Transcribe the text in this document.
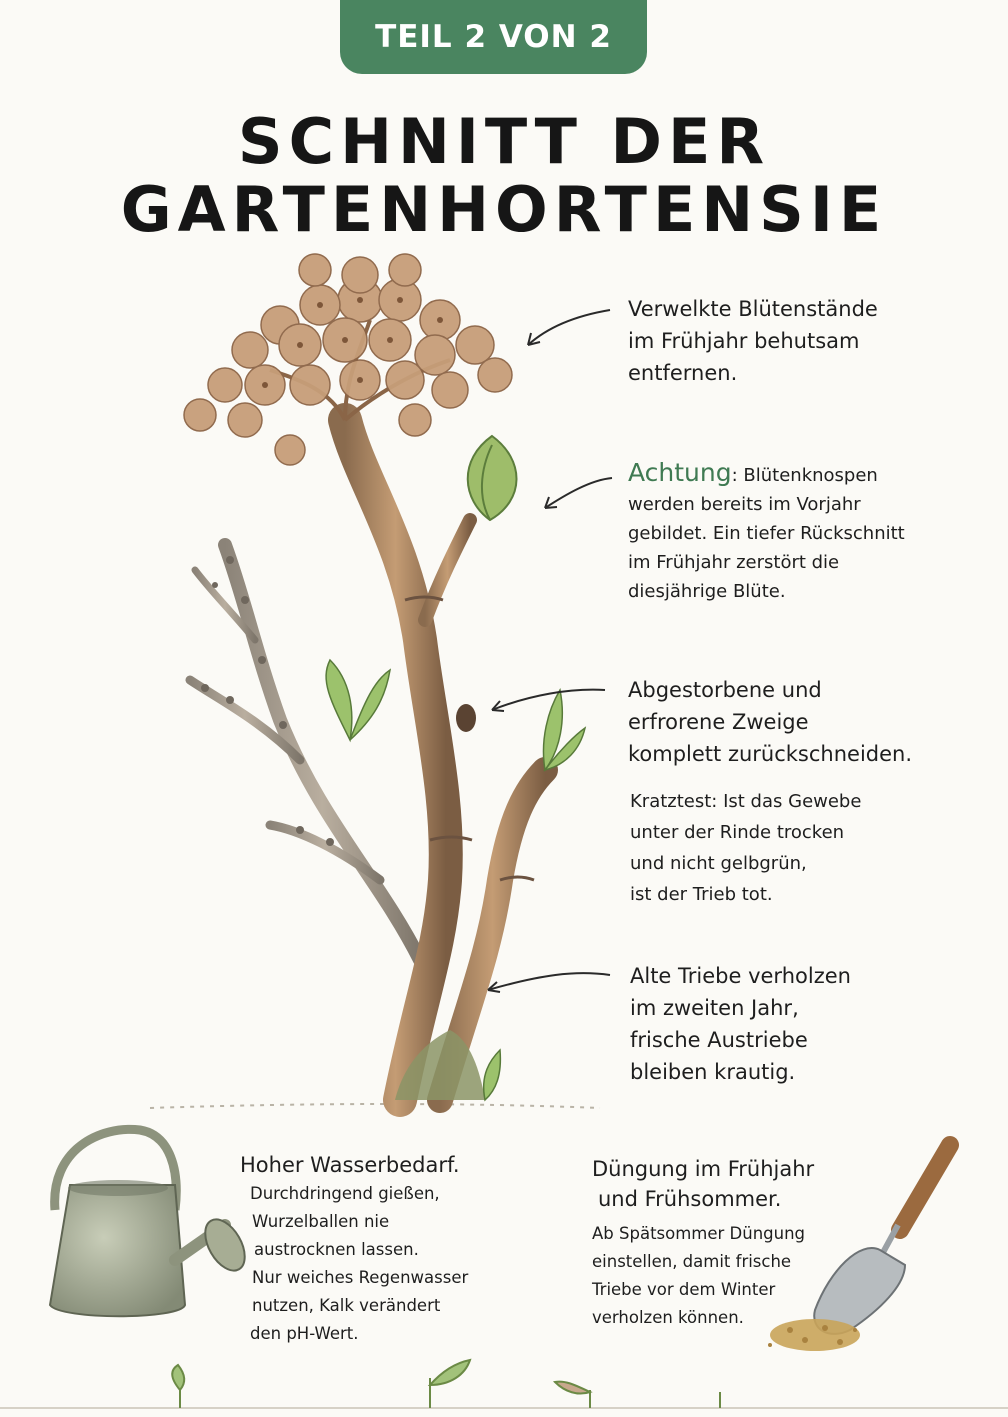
TEIL 2 VON 2
SCHNITT DER
GARTENHORTENSIE
Verwelkte Blütenstände
im Frühjahr behutsam
entfernen.
Achtung: Blütenknospen
werden bereits im Vorjahr
gebildet. Ein tiefer Rückschnitt
im Frühjahr zerstört die
diesjährige Blüte.
Abgestorbene und
erfrorene Zweige
komplett zurückschneiden.
Kratztest: Ist das Gewebe
unter der Rinde trocken
und nicht gelbgrün,
ist der Trieb tot.
Alte Triebe verholzen
im zweiten Jahr,
frische Austriebe
bleiben krautig.
Hoher Wasserbedarf.
Durchdringend gießen,
Wurzelballen nie
austrocknen lassen.
Nur weiches Regenwasser
nutzen, Kalk verändert
den pH-Wert.
Düngung im Frühjahr
und Frühsommer.
Ab Spätsommer Düngung
einstellen, damit frische
Triebe vor dem Winter
verholzen können.
